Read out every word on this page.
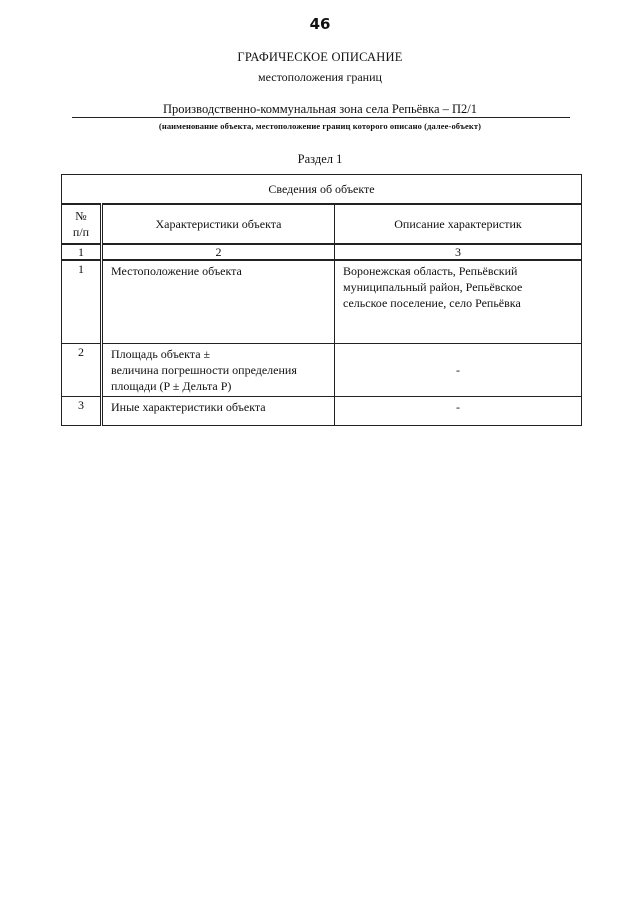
46
ГРАФИЧЕСКОЕ ОПИСАНИЕ
местоположения границ
Производственно-коммунальная зона села Репьёвка – П2/1
(наименование объекта, местоположение границ которого описано (далее-объект)
Раздел 1
Сведения об объекте		

№
п/п	Характеристики объекта	Описание характеристик
1	2	3
1	Местоположение объекта	Воронежская область, Репьёвский
муниципальный район, Репьёвское
сельское поселение, село Репьёвка

2	Площадь объекта ±
величина погрешности определения
площади (P ± Дельта P)	-
3	Иные характеристики объекта	-
